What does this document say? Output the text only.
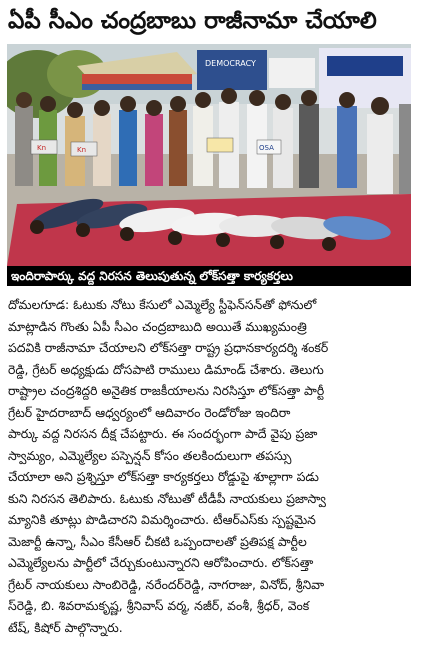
ఏపీ సీఎం చంద్రబాబు రాజీనామా చేయాలి
DEMOCRACY
Kn	Kn	OSA
ఇందిరాపార్కు వద్ద నిరసన తెలుపుతున్న లోక్‌సత్తా కార్యకర్తలు

దోమలగూడ: ఓటుకు నోటు కేసులో ఎమ్మెల్యే స్టీఫెన్‌సన్‌తో ఫోనులో

మాట్లాడిన గొంతు ఏపీ సీఎం చంద్రబాబుది అయితే ముఖ్యమంత్రి

పదవికి రాజీనామా చేయాలని లోక్‌సత్తా రాష్ట్ర ప్రధానకార్యదర్శి శంకర్

రెడ్డి, గ్రేటర్ అధ్యక్షుడు దోసపాటి రాములు డిమాండ్ చేశారు. తెలుగు

రాష్ట్రాల చంద్రశిద్దరి అనైతిక రాజకీయాలను నిరసిస్తూ లోక్‌సత్తా పార్టీ

గ్రేటర్ హైదరాబాద్ ఆధ్వర్యంలో ఆదివారం రెండోరోజు ఇందిరా

పార్కు వద్ద నిరసన దీక్ష చేపట్టారు. ఈ సందర్భంగా పాదే వైపు ప్రజా

స్వామ్యం, ఎమ్మెల్యేల పస్పెన్షన్ కోసం తలకిందులుగా తపస్సు

చేయాలా అని ప్రశ్నిస్తూ లోక్‌సత్తా కార్యకర్తలు రోడ్డుపై శూల్లాగా పడు

కుని నిరసన తెలిపారు. ఓటుకు నోటుతో టీడీపీ నాయకులు ప్రజాస్వా

మ్యానికి తూట్లు పొడిచారని విమర్శించారు. టీఆర్ఎస్‌కు స్పష్టమైన

మెజార్టీ ఉన్నా, సీఎం కేసీఆర్ చీకటి ఒప్పందాలతో ప్రతిపక్ష పార్టీల

ఎమ్మెల్యేలను పార్టీలో చేర్చుకుంటున్నారని ఆరోపించారు. లోక్‌సత్తా

గ్రేటర్ నాయకులు సాంబిరెడ్డి, నరేందర్‌రెడ్డి, నాగరాజు, వినోద్, శ్రీనివా

స్‌రెడ్డి, బి. శివరామకృష్ణ, శ్రీనివాస్ వర్మ, నజీర్, వంశీ, శ్రీధర్, వెంక

టేష్, కిషోర్ పాల్గొన్నారు.
